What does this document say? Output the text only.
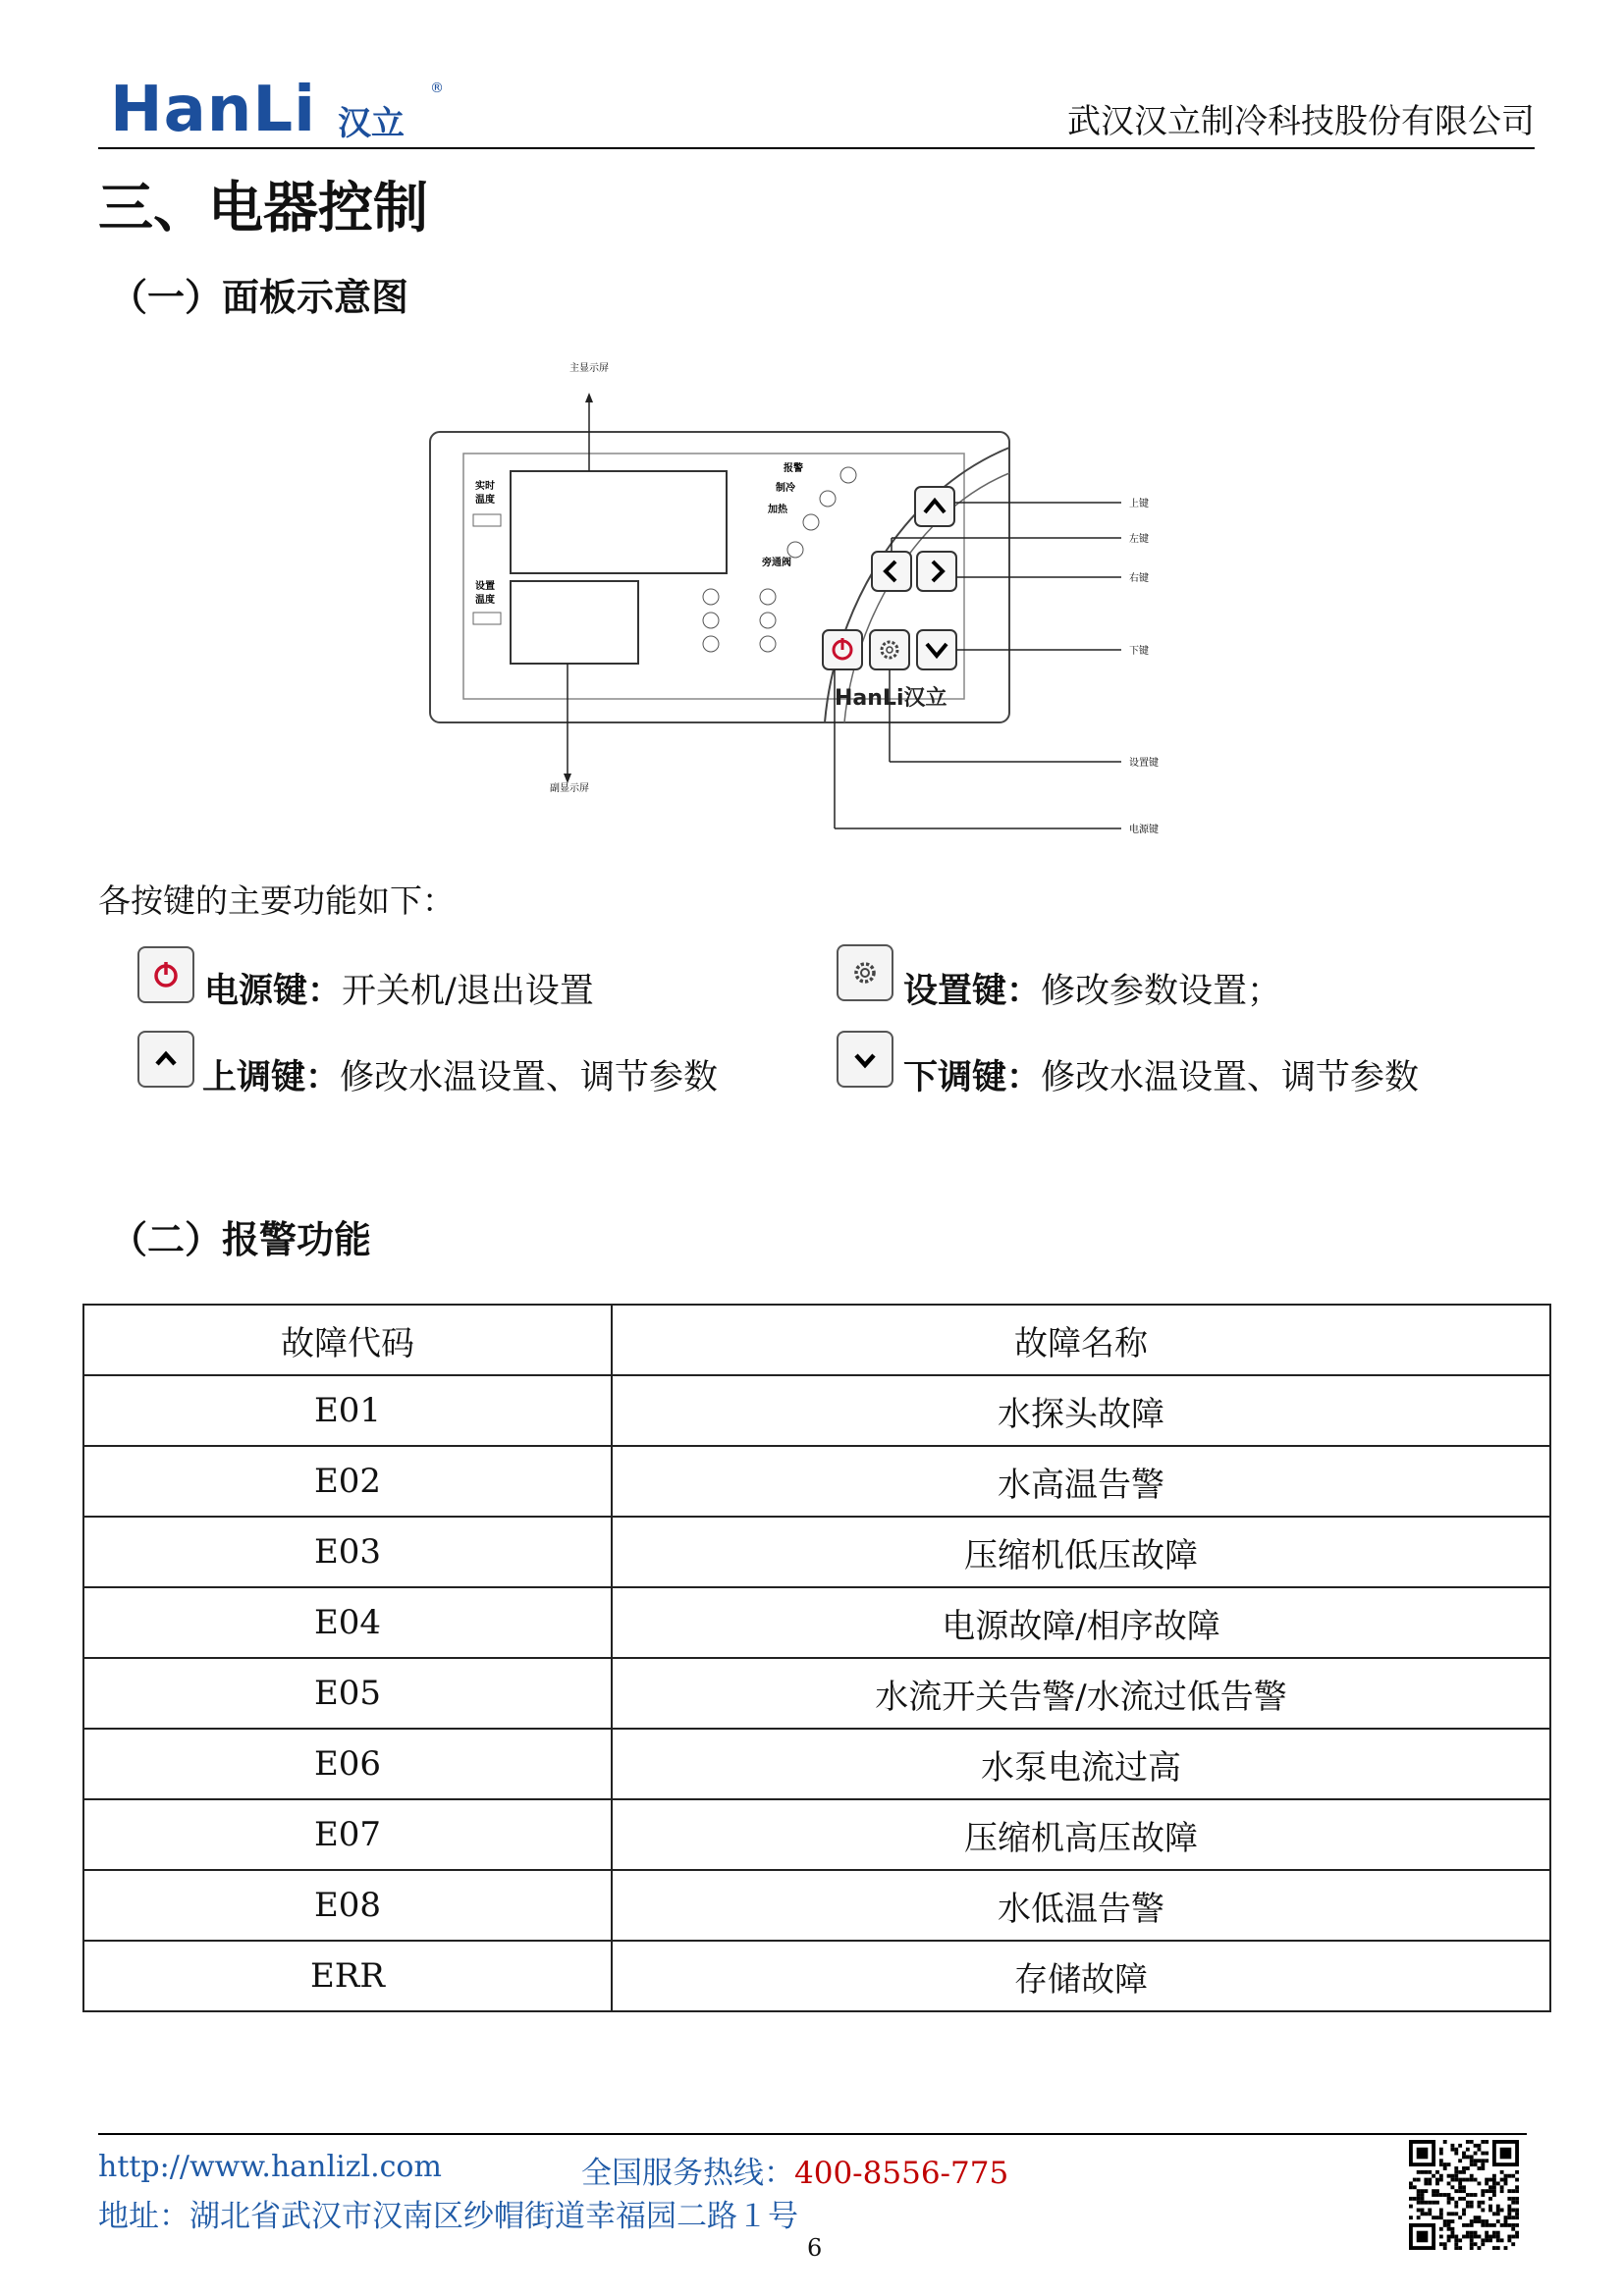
HanLi 汉立
®
武汉汉立制冷科技股份有限公司
三、电器控制
（一）面板示意图
实时
温度
设置
温度
报警
制冷
加热
旁通阀
HanLi汉立
主显示屏
副显示屏
上键
左键
右键
下键
设置键
电源键
各按键的主要功能如下：
电源键：开关机/退出设置	设置键：修改参数设置；
上调键：修改水温设置、调节参数	下调键：修改水温设置、调节参数
（二）报警功能
故障代码	故障名称
E01	水探头故障
E02	水高温告警
E03	压缩机低压故障
E04	电源故障/相序故障
E05	水流开关告警/水流过低告警
E06	水泵电流过高
E07	压缩机高压故障
E08	水低温告警
ERR	存储故障
http://www.hanlizl.com	全国服务热线：400-8556-775
地址：湖北省武汉市汉南区纱帽街道幸福园二路１号
6
